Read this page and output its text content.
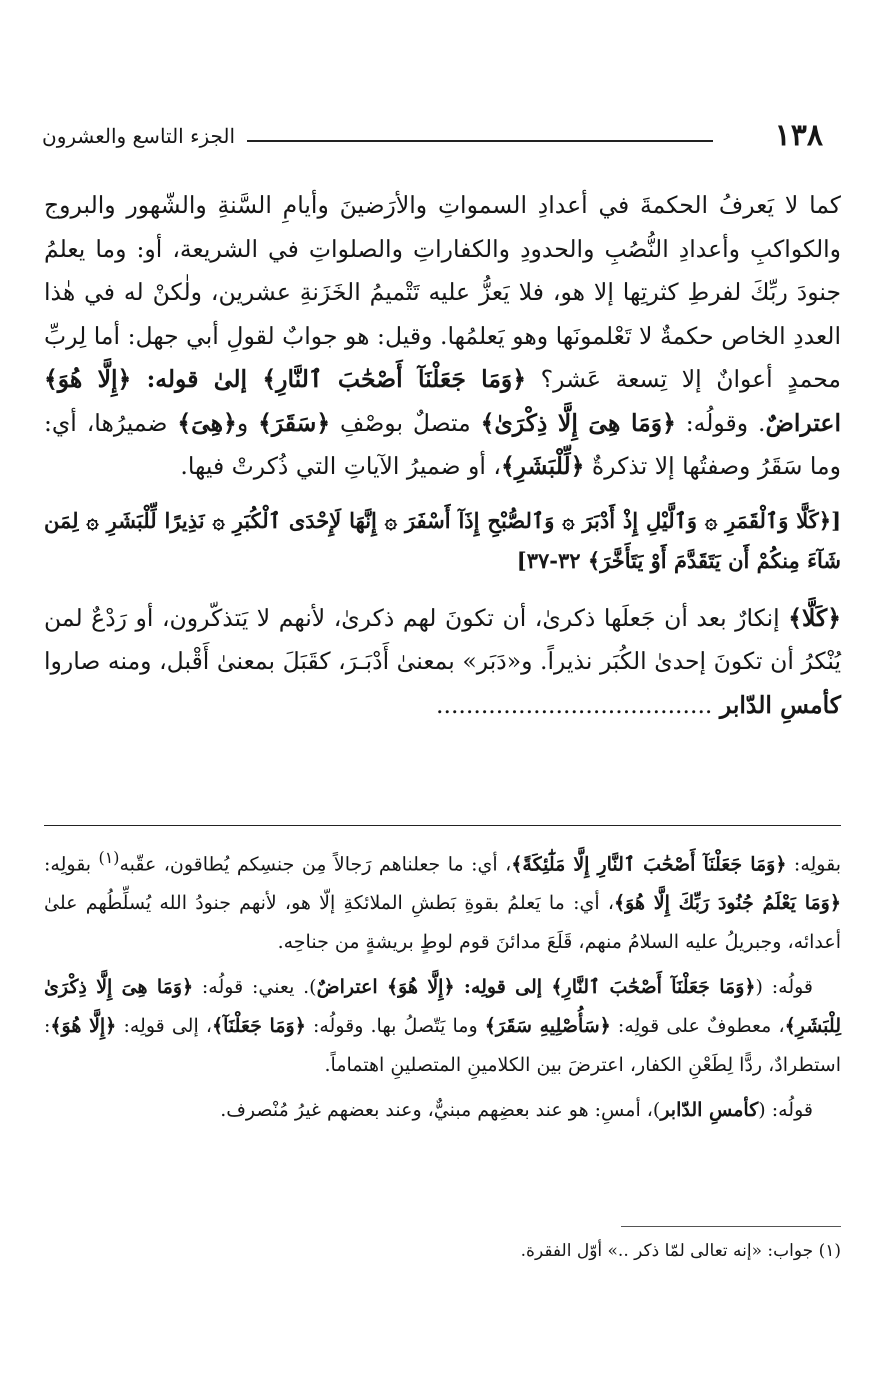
١٣٨
الجزء التاسع والعشرون

كما لا يَعرفُ الحكمةَ في أعدادِ السمواتِ والأرَضينَ وأيامِ السَّنةِ والشّهور والبروج والكواكبِ وأعدادِ النُّصُبِ والحدودِ والكفاراتِ والصلواتِ في الشريعة، أو: وما يعلمُ جنودَ ربِّكَ لفرطِ كثرتِها إلا هو، فلا يَعزُّ عليه تَتْميمُ الخَزَنةِ عشرين، ولٰكنْ له في هٰذا العددِ الخاص حكمةٌ لا تَعْلمونَها وهو يَعلمُها. وقيل: هو جوابٌ لقولِ أبي جهل: أما لِربِّ محمدٍ أعوانٌ إلا تِسعة عَشر؟ ﴿وَمَا جَعَلْنَآ أَصْحَٰبَ ٱلنَّارِ﴾ إلىٰ قوله: ﴿إِلَّا هُوَ﴾ اعتراضٌ. وقولُه: ﴿وَمَا هِىَ إِلَّا ذِكْرَىٰ﴾ متصلٌ بوصْفِ ﴿سَقَرَ﴾ و﴿هِىَ﴾ ضميرُها، أي: وما سَقَرُ وصفتُها إلا تذكرةٌ ﴿لِّلْبَشَرِ﴾، أو ضميرُ الآياتِ التي ذُكرتْ فيها.

[﴿كَلَّا وَٱلْقَمَرِ ۞ وَٱلَّيْلِ إِذْ أَدْبَرَ ۞ وَٱلصُّبْحِ إِذَآ أَسْفَرَ ۞ إِنَّهَا لَإِحْدَى ٱلْكُبَرِ ۞ نَذِيرًا لِّلْبَشَرِ ۞ لِمَن شَآءَ مِنكُمْ أَن يَتَقَدَّمَ أَوْ يَتَأَخَّرَ﴾ ٣٢-٣٧]

﴿كَلَّا﴾ إنكارٌ بعد أن جَعلَها ذكرىٰ، أن تكونَ لهم ذكرىٰ، لأنهم لا يَتذكّرون، أو رَدْعٌ لمن يُنْكرُ أن تكونَ إحدىٰ الكُبَر نذيراً. و«دَبَر» بمعنىٰ أَدْبَـرَ، كقَبَلَ بمعنىٰ أَقْبل، ومنه صاروا كأمسِ الدّابر .....................................

بقولِه: ﴿وَمَا جَعَلْنَآ أَصْحَٰبَ ٱلنَّارِ إِلَّا مَلَٰٓئِكَةً﴾، أي: ما جعلناهم رَجالاً مِن جنسِكم يُطاقون، عقّبه$^{(١)}$ بقولِه: ﴿وَمَا يَعْلَمُ جُنُودَ رَبِّكَ إِلَّا هُوَ﴾، أي: ما يَعلمُ بقوةِ بَطشِ الملائكةِ إلّا هو، لأنهم جنودُ الله يُسلِّطُهم علىٰ أعدائه، وجبريلُ عليه السلامُ منهم، قَلَعَ مدائنَ قوم لوطٍ بريشةٍ من جناحِه.

قولُه: (﴿وَمَا جَعَلْنَآ أَصْحَٰبَ ٱلنَّارِ﴾ إلى قولِه: ﴿إِلَّا هُوَ﴾ اعتراضٌ). يعني: قولُه: ﴿وَمَا هِىَ إِلَّا ذِكْرَىٰ لِلْبَشَرِ﴾، معطوفٌ على قولِه: ﴿سَأُصْلِيهِ سَقَرَ﴾ وما يَتّصلُ بها. وقولُه: ﴿وَمَا جَعَلْنَآ﴾، إلى قولِه: ﴿إِلَّا هُوَ﴾: استطرادٌ، ردًّا لِطَعْنِ الكفار، اعترضَ بين الكلامينِ المتصلينِ اهتماماً.

قولُه: (كأمسِ الدّابر)، أمسِ: هو عند بعضِهم مبنيٌّ، وعند بعضهم غيرُ مُنْصرف.

(١) جواب: «إنه تعالى لمّا ذكر ..» أوّل الفقرة.
